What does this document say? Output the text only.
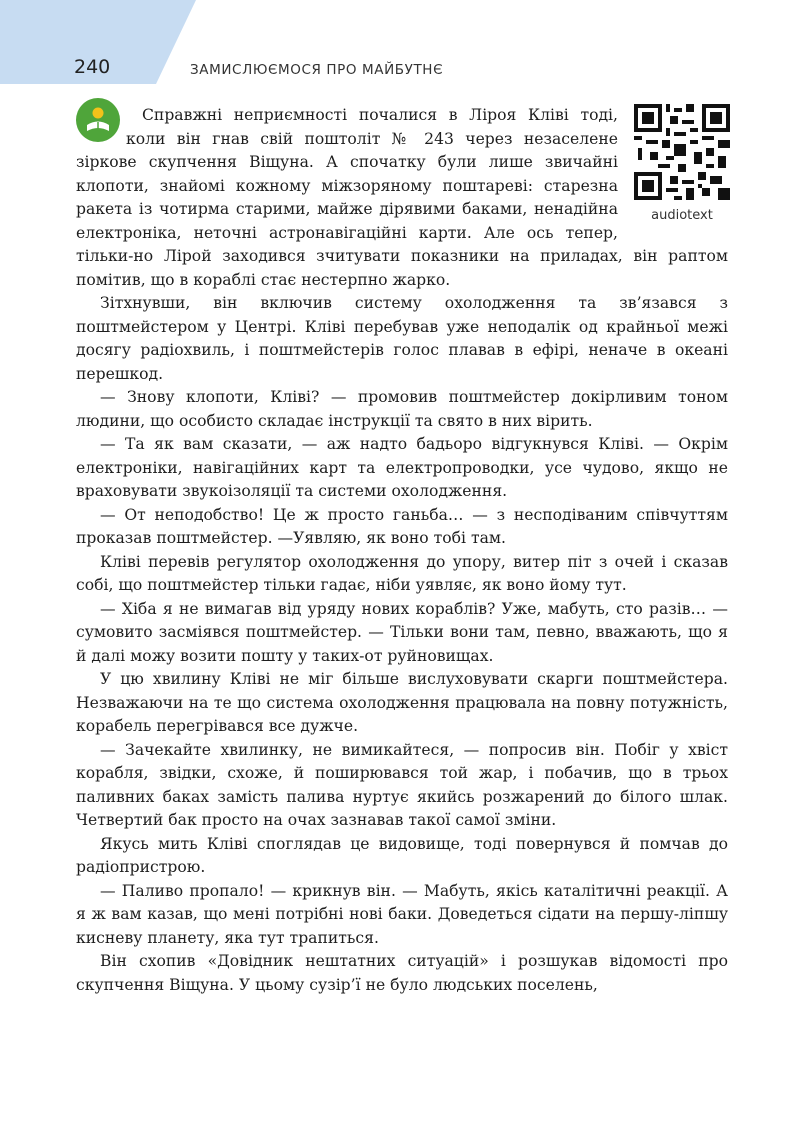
240	ЗАМИСЛЮЄМОСЯ ПРО МАЙБУТНЄ
audiotext

Справжні неприємності почалися в Лірoя Кліві тоді, коли він гнав свій поштоліт № 243 через незаселене зіркове скупчення Віщуна. А спочатку були лише звичайні клопоти, знайомі кожному міжзоряному поштареві: старезна ракета із чотирма старими, майже дірявими баками, ненадійна електроніка, неточні астронавігаційні карти. Але ось тепер, тільки-но Лірой заходився зчитувати показники на приладах, він раптом помітив, що в кораблі стає нестерпно жарко.

Зітхнувши, він включив систему охолодження та зв’язався з поштмейстером у Центрі. Кліві перебував уже неподалік од крайньої межі досягу радіохвиль, і поштмейстерів голос плавав в ефірі, неначе в океані перешкод.

— Знову клопоти, Кліві? — промовив поштмейстер докірливим тоном людини, що особисто складає інструкції та свято в них вірить.

— Та як вам сказати, — аж надто бадьоро відгукнувся Кліві. — Окрім електроніки, навігаційних карт та електропроводки, усе чудово, якщо не враховувати звукоізоляції та системи охолодження.

— От неподобство! Це ж просто ганьба… — з несподіваним співчуттям проказав поштмейстер. —Уявляю, як воно тобі там.

Кліві перевів регулятор охолодження до упору, витер піт з очей і сказав собі, що поштмейстер тільки гадає, ніби уявляє, як воно йому тут.

— Хіба я не вимагав від уряду нових кораблів? Уже, мабуть, сто разів… — сумовито засміявся поштмейстер. — Тільки вони там, певно, вважають, що я й далі можу возити пошту у таких-от руйновищах.

У цю хвилину Кліві не міг більше вислуховувати скарги поштмейстера. Незважаючи на те що система охолодження працювала на повну потужність, корабель перегрівався все дужче.

— Зачекайте хвилинку, не вимикайтеся, — попросив він. Побіг у хвіст корабля, звідки, схоже, й поширювався той жар, і побачив, що в трьох паливних баках замість палива нуртує якийсь розжарений до білого шлак. Четвертий бак просто на очах зазнавав такої самої зміни.

Якусь мить Кліві споглядав це видовище, тоді повернувся й помчав до радіопристрою.

— Паливо пропало! — крикнув він. — Мабуть, якісь каталітичні реакції. А я ж вам казав, що мені потрібні нові баки. Доведеться сідати на першу-ліпшу кисневу планету, яка тут трапиться.

Він схопив «Довідник нештатних ситуацій» і розшукав відомості про скупчення Віщуна. У цьому сузір’ї не було людських поселень,
